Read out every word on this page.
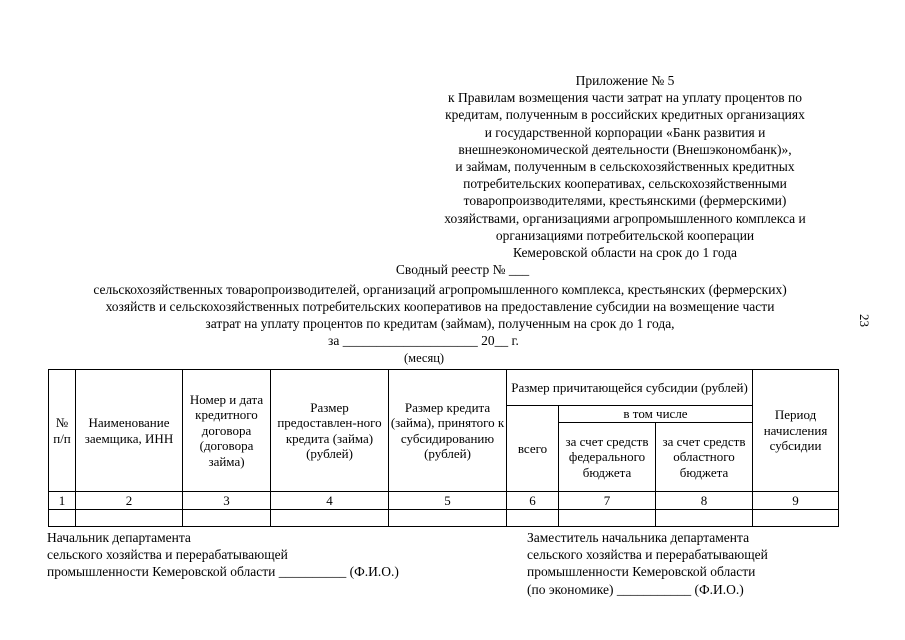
Приложение № 5
к Правилам возмещения части затрат на уплату процентов по
кредитам, полученным в российских кредитных организациях
и государственной корпорации «Банк развития и
внешнеэкономической деятельности (Внешэкономбанк)»,
и займам, полученным в сельскохозяйственных кредитных
потребительских кооперативах, сельскохозяйственными
товаропроизводителями, крестьянскими (фермерскими)
хозяйствами, организациями агропромышленного комплекса и
организациями потребительской кооперации
Кемеровской области на срок до 1 года
Сводный реестр № ___
сельскохозяйственных товаропроизводителей, организаций агропромышленного комплекса, крестьянских (фермерских)
хозяйств и сельскохозяйственных потребительских кооперативов на предоставление субсидии на возмещение части
затрат на уплату процентов по кредитам (займам), полученным на срок до 1 года,
за ____________________ 20__ г.
(месяц)
23
№ п/п	Наименование заемщика, ИНН	Номер и дата кредитного договора (договора займа)	Размер предоставлен-ного кредита (займа) (рублей)	Размер кредита (займа), принятого к субсидированию (рублей)	Размер причитающейся субсидии (рублей)			Период начисления субсидии
					всего	в том числе		
						за счет средств федерального бюджета	за счет средств областного бюджета	
1	2	3	4	5	6	7	8	9

Начальник департамента
сельского хозяйства и перерабатывающей
промышленности Кемеровской области __________ (Ф.И.О.)
Заместитель начальника департамента
сельского хозяйства и перерабатывающей
промышленности Кемеровской области
(по экономике) ___________ (Ф.И.О.)
